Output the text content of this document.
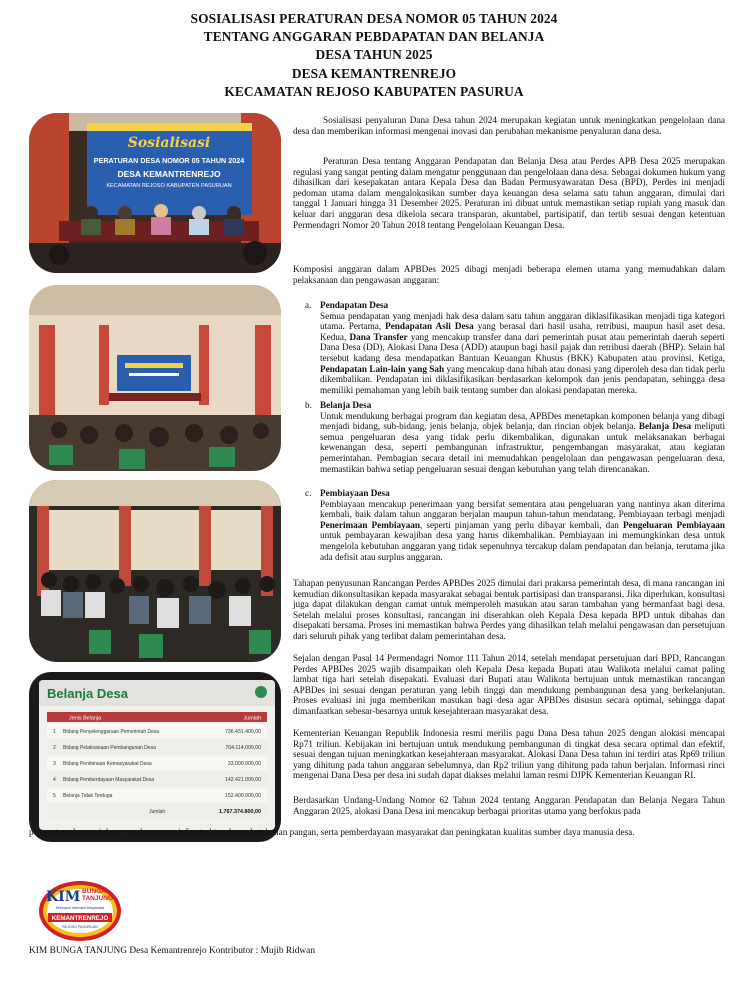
SOSIALISASI PERATURAN DESA NOMOR 05 TAHUN 2024
TENTANG ANGGARAN PEBDAPATAN DAN BELANJA
DESA TAHUN 2025
DESA KEMANTRENREJO
KECAMATAN REJOSO KABUPATEN PASURUA
Sosialisasi
PERATURAN DESA NOMOR 05 TAHUN 2024
DESA KEMANTRENREJO
KECAMATAN REJOSO KABUPATEN PASURUAN
Belanja Desa
Jenis Belanja	Jumlah
1 Bidang Penyelenggaraan Pemerintah Desa	736.431.400,00
2 Bidang Pelaksanaan Pembangunan Desa	704.114.000,00
3 Bidang Pembinaan Kemasyarakat Desa	33.000.000,00
4 Bidang Pemberdayaan Masyarakat Desa	142.421.000,00
5 Belanja Tidak Terduga	152.400.000,00
Jumlah	1.767.374.800,00

Sosialisasi penyaluran Dana Desa tahun 2024 merupakan kegiatan untuk meningkatkan pengelolaan dana desa dan memberikan informasi mengenai inovasi dan perubahan mekanisme penyaluran dana desa.

Peraturan Desa tentang Anggaran Pendapatan dan Belanja Desa atau Perdes APB Desa 2025 merupakan regulasi yang sangat penting dalam mengatur penggunaan dan pengelolaan dana desa. Sebagai dokumen hukum yang dihasilkan dari kesepakatan antara Kepala Desa dan Badan Permusyawaratan Desa (BPD), Perdes ini menjadi pedoman utama dalam mengalokasikan sumber daya keuangan desa selama satu tahun anggaran, dimulai dari tanggal 1 Januari hingga 31 Desember 2025. Peraturan ini dibuat untuk memastikan setiap rupiah yang masuk dan keluar dari anggaran desa dikelola secara transparan, akuntabel, partisipatif, dan tertib sesuai dengan ketentuan Permendagri Nomor 20 Tahun 2018 tentang Pengelolaan Keuangan Desa.

Komposisi anggaran dalam APBDes 2025 dibagi menjadi beberapa elemen utama yang memudahkan dalam pelaksanaan dan pengawasan anggaran:

a. Pendapatan Desa
Semua pendapatan yang menjadi hak desa dalam satu tahun anggaran diklasifikasikan menjadi tiga kategori utama. Pertama, Pendapatan Asli Desa yang berasal dari hasil usaha, retribusi, maupun hasil aset desa. Kedua, Dana Transfer yang mencakup transfer dana dari pemerintah pusat atau pemerintah daerah seperti Dana Desa (DD), Alokasi Dana Desa (ADD) ataupun bagi hasil pajak dan retribusi daerah (BHP). Selain hal tersebut kadang desa mendapatkan Bantuan Keuangan Khusus (BKK) Kabupaten atau provinsi. Ketiga, Pendapatan Lain-lain yang Sah yang mencakup dana hibah atau donasi yang diperoleh desa dan tidak perlu dikembalikan. Pendapatan ini diklasifikasikan berdasarkan kelompok dan jenis pendapatan, sehingga desa memiliki pemahaman yang lebih baik tentang sumber dan alokasi pendapatan mereka.
b. Belanja Desa
Untuk mendukung berbagai program dan kegiatan desa, APBDes menetapkan komponen belanja yang dibagi menjadi bidang, sub-bidang, jenis belanja, objek belanja, dan rincian objek belanja. Belanja Desa meliputi semua pengeluaran desa yang tidak perlu dikembalikan, digunakan untuk melaksanakan berbagai kewenangan desa, seperti pembangunan infrastruktur, pengembangan masyarakat, atau kegiatan pemerintahan. Pembagian secara detail ini memudahkan pengelolaan dan pengawasan pengeluaran desa, memastikan bahwa setiap pengeluaran sesuai dengan kebutuhan yang telah direncanakan.
c. Pembiayaan Desa
Pembiayaan mencakup penerimaan yang bersifat sementara atau pengeluaran yang nantinya akan diterima kembali, baik dalam tahun anggaran berjalan maupun tahun-tahun mendatang. Pembiayaan terbagi menjadi Penerimaan Pembiayaan, seperti pinjaman yang perlu dibayar kembali, dan Pengeluaran Pembiayaan untuk pembayaran kewajiban desa yang harus dikembalikan. Pembiayaan ini memungkinkan desa untuk mengelola kebutuhan anggaran yang tidak sepenuhnya tercakup dalam pendapatan dan belanja, terutama jika ada defisit atau surplus anggaran.

Tahapan penyusunan Rancangan Perdes APBDes 2025 dimulai dari prakarsa pemerintah desa, di mana rancangan ini kemudian dikonsultasikan kepada masyarakat sebagai bentuk partisipasi dan transparansi. Jika diperlukan, konsultasi juga dapat dilakukan dengan camat untuk memperoleh masukan atau saran tambahan yang bermanfaat bagi desa. Setelah melalui proses konsultasi, rancangan ini diserahkan oleh Kepala Desa kepada BPD untuk dibahas dan disepakati bersama. Proses ini memastikan bahwa Perdes yang dihasilkan telah melalui pengawasan dan persetujuan dari seluruh pihak yang terlibat dalam pemerintahan desa.

Sejalan dengan Pasal 14 Permendagri Nomor 111 Tahun 2014, setelah mendapat persetujuan dari BPD, Rancangan Perdes APBDes 2025 wajib disampaikan oleh Kepala Desa kepada Bupati atau Walikota melalui camat paling lambat tiga hari setelah disepakati. Evaluasi dari Bupati atau Walikota bertujuan untuk memastikan rancangan APBDes ini sesuai dengan peraturan yang lebih tinggi dan mendukung pembangunan desa yang berkelanjutan. Proses evaluasi ini juga memberikan masukan bagi desa agar APBDes disusun secara optimal, sehingga dapat dimanfaatkan sebesar-besarnya untuk kesejahteraan masyarakat desa.

Kementerian Keuangan Republik Indonesia resmi merilis pagu Dana Desa tahun 2025 dengan alokasi mencapai Rp71 triliun. Kebijakan ini bertujuan untuk mendukung pembangunan di tingkat desa secara optimal dan efektif, sesuai dengan tujuan meningkatkan kesejahteraan masyarakat. Alokasi Dana Desa tahun ini terdiri atas Rp69 triliun yang dihitung pada tahun anggaran sebelumnya, dan Rp2 triliun yang dihitung pada tahun berjalan. Informasi rinci mengenai Dana Desa per desa ini sudah dapat diakses melalui laman resmi DJPK Kementerian Keuangan RI.

Berdasarkan Undang-Undang Nomor 62 Tahun 2024 tentang Anggaran Pendapatan dan Belanja Negara Tahun Anggaran 2025, alokasi Dana Desa ini mencakup berbagai prioritas utama yang berfokus pada

penguatan ekonomi desa, pembangunan infrastruktur dasar, ketahanan pangan, serta pemberdayaan masyarakat dan peningkatan kualitas sumber daya manusia desa.

KIM BUNGA
TANJUNG
Kelompok Informasi Masyarakat
KEMANTRENREJO
REJOSO PASURUAN
KIM BUNGA TANJUNG Desa Kemantrenrejo Kontributor : Mujib Ridwan
